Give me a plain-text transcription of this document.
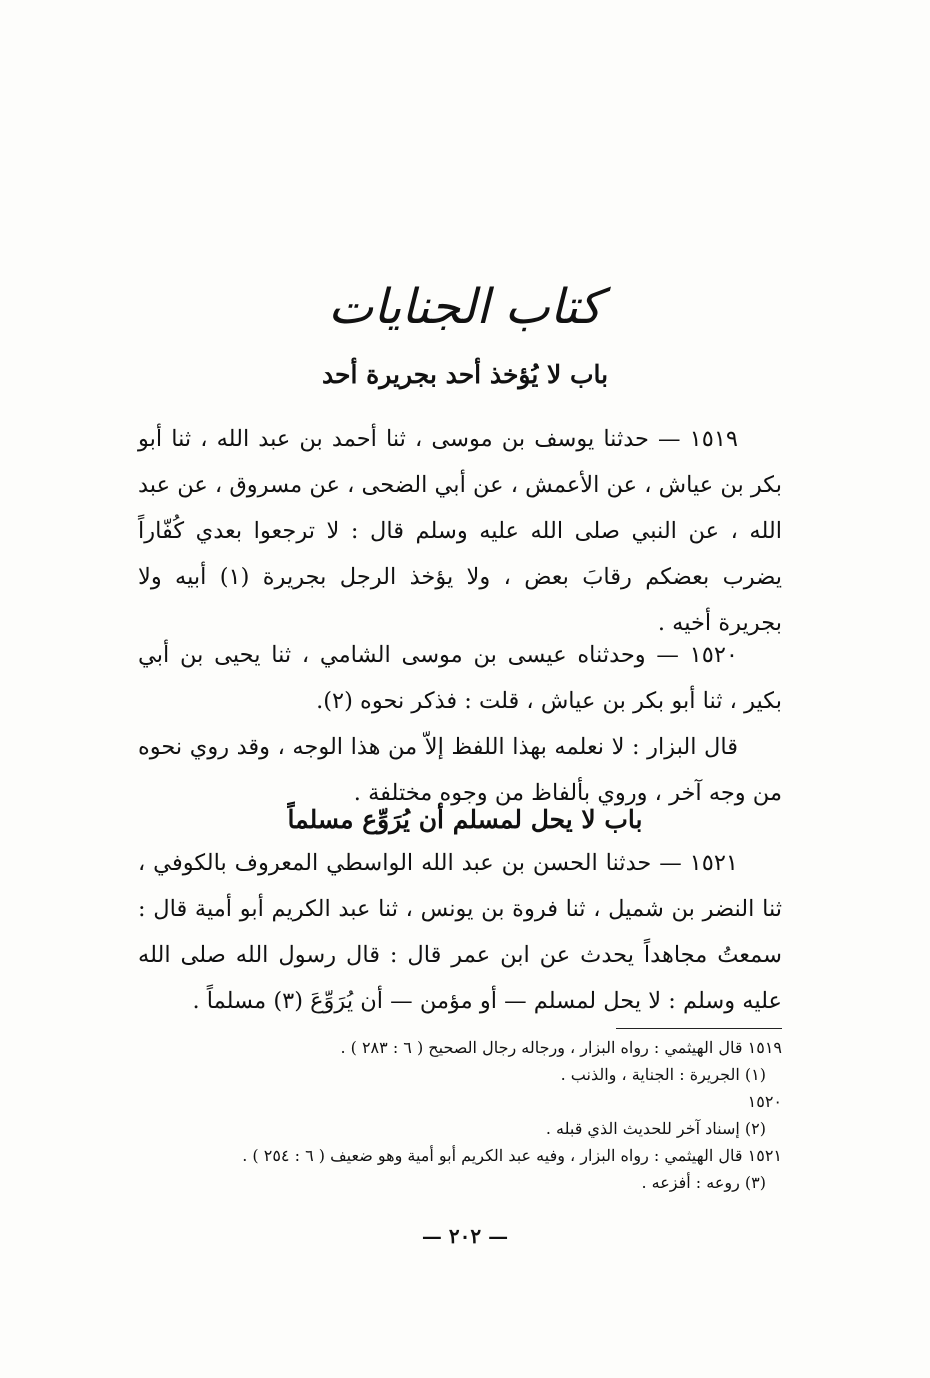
كتاب الجنايات
باب لا يُؤخذ أحد بجريرة أحد

١٥١٩ — حدثنا يوسف بن موسى ، ثنا أحمد بن عبد الله ، ثنا أبو بكر بن عياش ، عن الأعمش ، عن أبي الضحى ، عن مسروق ، عن عبد الله ، عن النبي صلى الله عليه وسلم قال : لا ترجعوا بعدي كُفّاراً يضرب بعضكم رقابَ بعض ، ولا يؤخذ الرجل بجريرة (١) أبيه ولا بجريرة أخيه .

١٥٢٠ — وحدثناه عيسى بن موسى الشامي ، ثنا يحيى بن أبي بكير ، ثنا أبو بكر بن عياش ، قلت : فذكر نحوه (٢).

قال البزار : لا نعلمه بهذا اللفظ إلاّ من هذا الوجه ، وقد روي نحوه من وجه آخر ، وروي بألفاظ من وجوه مختلفة .

باب لا يحل لمسلم أن يُرَوِّع مسلماً

١٥٢١ — حدثنا الحسن بن عبد الله الواسطي المعروف بالكوفي ، ثنا النضر بن شميل ، ثنا فروة بن يونس ، ثنا عبد الكريم أبو أمية قال : سمعتُ مجاهداً يحدث عن ابن عمر قال : قال رسول الله صلى الله عليه وسلم : لا يحل لمسلم — أو مؤمن — أن يُرَوِّعَ (٣) مسلماً .

١٥١٩ قال الهيثمي : رواه البزار ، ورجاله رجال الصحيح ( ٦ : ٢٨٣ ) .
(١) الجريرة : الجناية ، والذنب .
١٥٢٠
(٢) إسناد آخر للحديث الذي قبله .
١٥٢١ قال الهيثمي : رواه البزار ، وفيه عبد الكريم أبو أمية وهو ضعيف ( ٦ : ٢٥٤ ) .
(٣) روعه : أفزعه .
— ٢٠٢ —
